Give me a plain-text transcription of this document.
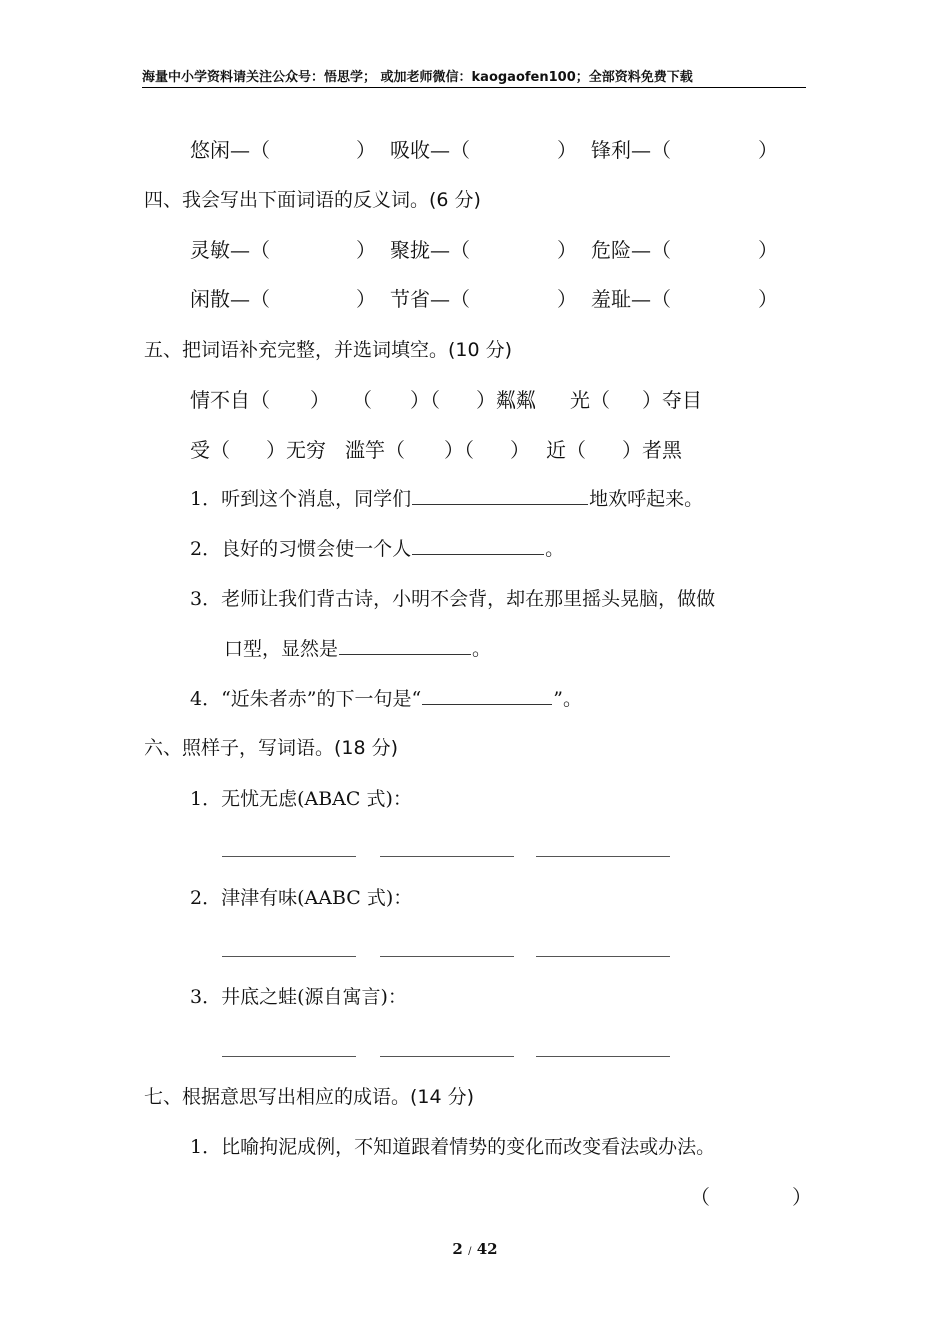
海量中小学资料请关注公众号：悟思学； 或加老师微信：kaogaofen100；全部资料免费下载
悠闲—（	） 吸收—（	） 锋利—（	）
四、我会写出下面词语的反义词。(6 分)
灵敏—（	） 聚拢—（	） 危险—（	）
闲散—（	） 节省—（	） 羞耻—（	）
五、把词语补充完整，并选词填空。(10 分)
情不自（ ） （ ）（ ）粼粼 光（ ）夺目
受（ ）无穷 滥竽（ ）（ ） 近（ ）者黑
1．听到这个消息，同学们	地欢呼起来。
2．良好的习惯会使一个人	。
3．老师让我们背古诗，小明不会背，却在那里摇头晃脑，做做
口型，显然是	。
4．“近朱者赤”的下一句是“	”。
六、照样子，写词语。(18 分)
1．无忧无虑(ABAC 式)：
2．津津有味(AABC 式)：
3．井底之蛙(源自寓言)：
七、根据意思写出相应的成语。(14 分)
1．比喻拘泥成例，不知道跟着情势的变化而改变看法或办法。
（	）
2 / 42
